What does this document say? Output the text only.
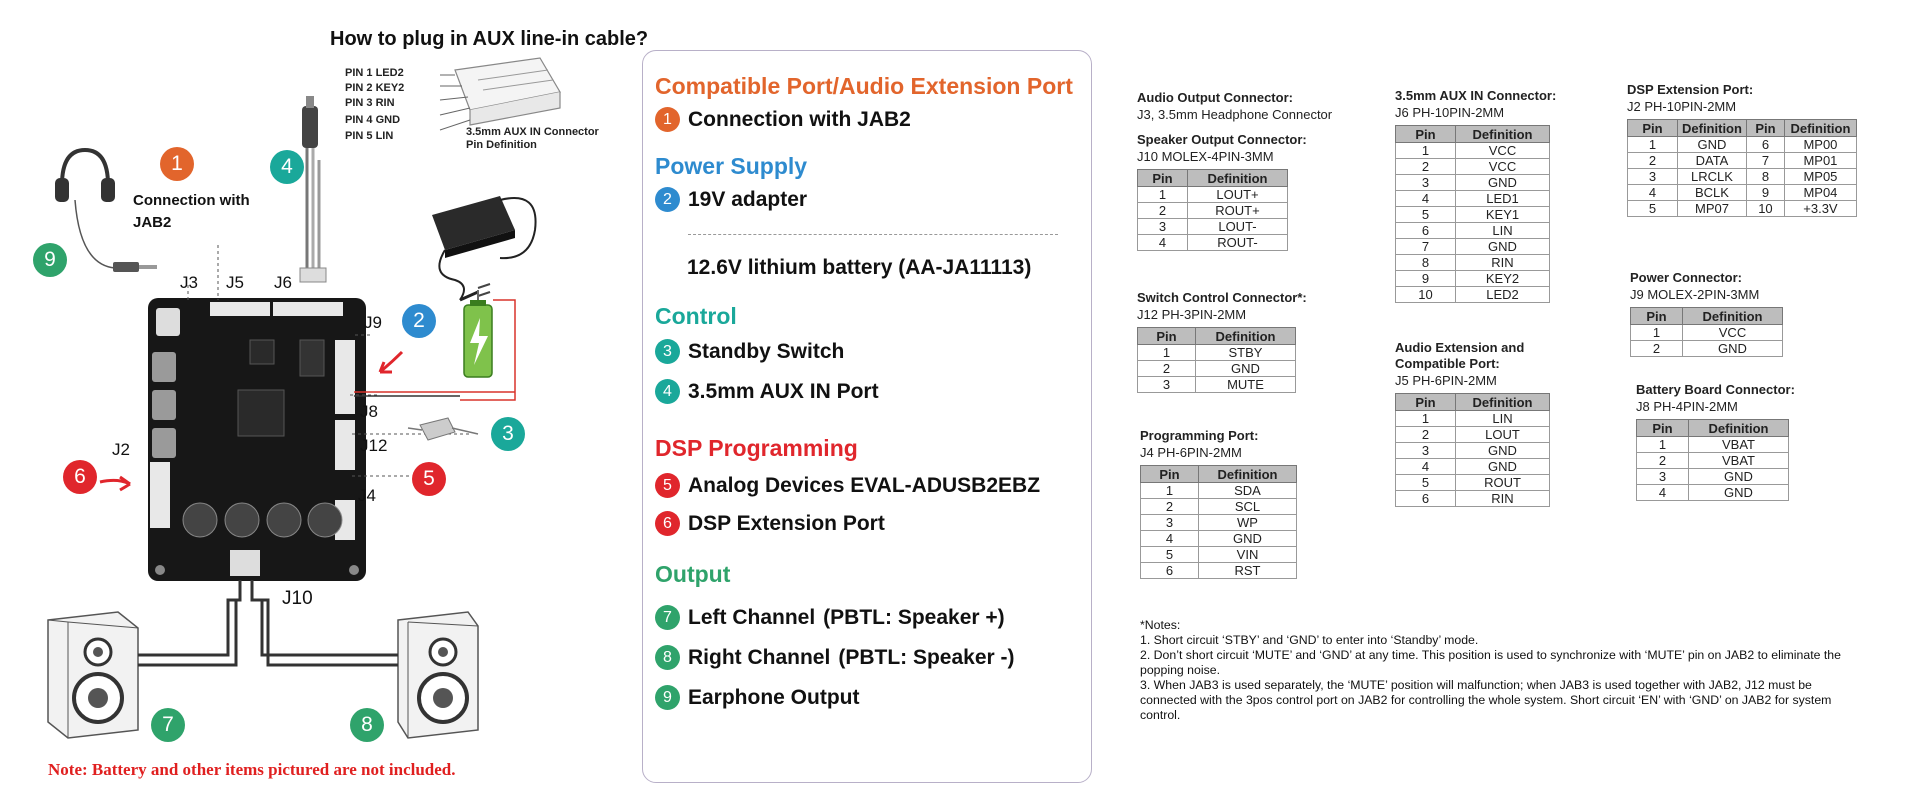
How to plug in AUX line-in cable?
PIN 1 LED2
PIN 2 KEY2
PIN 3 RIN
PIN 4 GND
PIN 5 LIN	3.5mm AUX IN Connector
Pin Definition
Connection with
JAB2
J3 J5 J6
J9
J8
J12
J2
J4
J10
1
2
3
4
5
6
7	8
9
Note: Battery and other items pictured are not included.
Compatible Port/Audio Extension Port
1 Connection with JAB2
Power Supply
2 19V adapter
12.6V lithium battery (AA-JA11113)
Control
3 Standby Switch
4 3.5mm AUX IN Port
DSP Programming
5 Analog Devices EVAL-ADUSB2EBZ
6 DSP Extension Port
Output
7 Left Channel (PBTL: Speaker +)
8 Right Channel (PBTL: Speaker -)
9 Earphone Output
Audio Output Connector:
J3, 3.5mm Headphone Connector
Speaker Output Connector:
J10 MOLEX-4PIN-3MM
Pin	Definition
1	LOUT+
2	ROUT+
3	LOUT-
4	ROUT-
Switch Control Connector*:
J12 PH-3PIN-2MM
Pin	Definition
1	STBY
2	GND
3	MUTE
Programming Port:
J4 PH-6PIN-2MM
Pin	Definition
1	SDA
2	SCL
3	WP
4	GND
5	VIN
6	RST
3.5mm AUX IN Connector:
J6 PH-10PIN-2MM
Pin	Definition
1	VCC
2	VCC
3	GND
4	LED1
5	KEY1
6	LIN
7	GND
8	RIN
9	KEY2
10	LED2
Audio Extension and
Compatible Port:
J5 PH-6PIN-2MM
Pin	Definition
1	LIN
2	LOUT
3	GND
4	GND
5	ROUT
6	RIN
DSP Extension Port:
J2 PH-10PIN-2MM
Pin	Definition	Pin	Definition
1	GND	6	MP00
2	DATA	7	MP01
3	LRCLK	8	MP05
4	BCLK	9	MP04
5	MP07	10	+3.3V
Power Connector:
J9 MOLEX-2PIN-3MM
Pin	Definition
1	VCC
2	GND
Battery Board Connector:
J8 PH-4PIN-2MM
Pin	Definition
1	VBAT
2	VBAT
3	GND
4	GND

*Notes:

1. Short circuit ‘STBY’ and ‘GND’ to enter into ‘Standby’ mode.

2. Don’t short circuit ‘MUTE’ and ‘GND’ at any time. This position is used to synchronize with ‘MUTE’ pin on JAB2 to eliminate the popping noise.

3. When JAB3 is used separately, the ‘MUTE’ position will malfunction; when JAB3 is used together with JAB2, J12 must be connected with the 3pos control port on JAB2 for controlling the whole system. Short circuit ‘EN’ with ‘GND’ on JAB2 for system control.
